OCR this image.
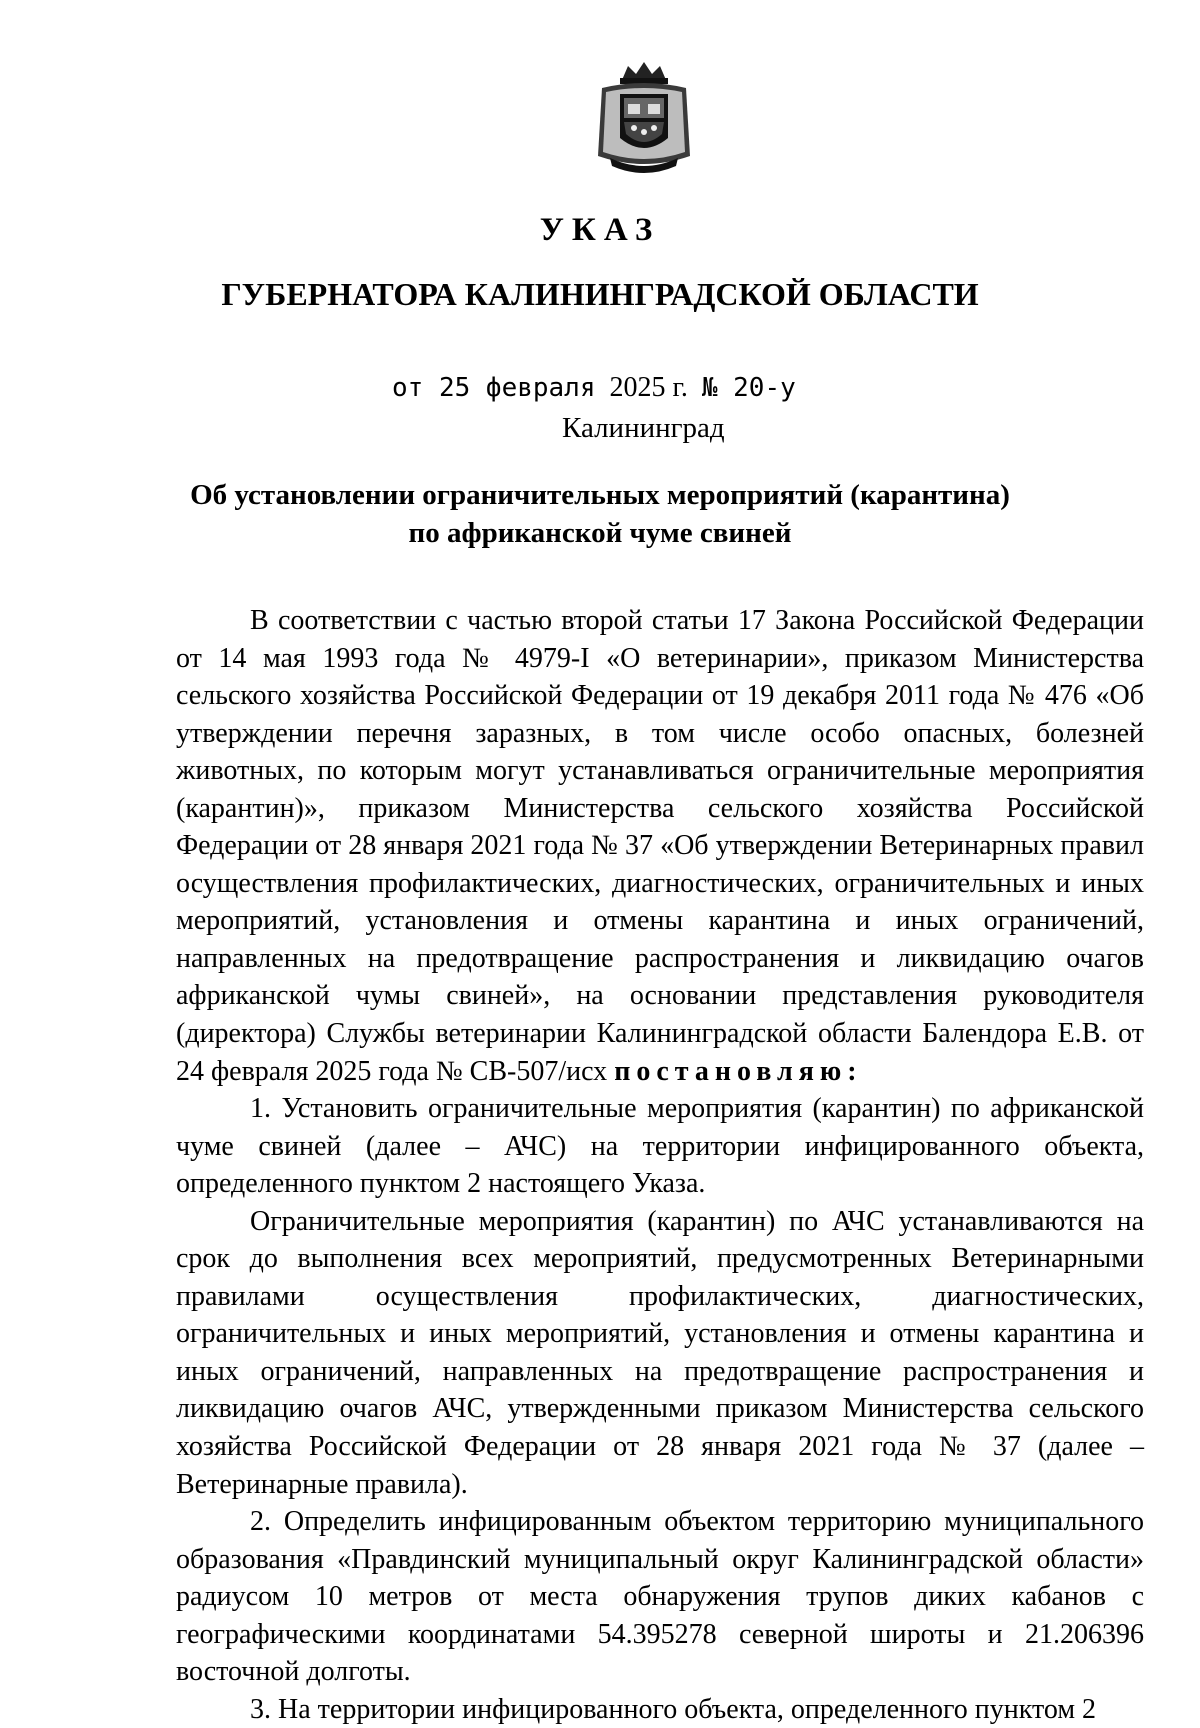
УКАЗ
ГУБЕРНАТОРА КАЛИНИНГРАДСКОЙ ОБЛАСТИ
от 25 февраля 2025 г. № 20-у
Калининград
Об установлении ограничительных мероприятий (карантина)
по африканской чуме свиней

В соответствии с частью второй статьи 17 Закона Российской Федерации от 14 мая 1993 года № 4979-I «О ветеринарии», приказом Министерства сельского хозяйства Российской Федерации от 19 декабря 2011 года № 476 «Об утверждении перечня заразных, в том числе особо опасных, болезней животных, по которым могут устанавливаться ограничительные мероприятия (карантин)», приказом Министерства сельского хозяйства Российской Федерации от 28 января 2021 года № 37 «Об утверждении Ветеринарных правил осуществления профилактических, диагностических, ограничительных и иных мероприятий, установления и отмены карантина и иных ограничений, направленных на предотвращение распространения и ликвидацию очагов африканской чумы свиней», на основании представления руководителя (директора) Службы ветеринарии Калининградской области Балендора Е.В. от 24 февраля 2025 года № СВ-507/исх постановляю:

1. Установить ограничительные мероприятия (карантин) по африканской чуме свиней (далее – АЧС) на территории инфицированного объекта, определенного пунктом 2 настоящего Указа.

Ограничительные мероприятия (карантин) по АЧС устанавливаются на срок до выполнения всех мероприятий, предусмотренных Ветеринарными правилами осуществления профилактических, диагностических, ограничительных и иных мероприятий, установления и отмены карантина и иных ограничений, направленных на предотвращение распространения и ликвидацию очагов АЧС, утвержденными приказом Министерства сельского хозяйства Российской Федерации от 28 января 2021 года № 37 (далее – Ветеринарные правила).

2. Определить инфицированным объектом территорию муниципального образования «Правдинский муниципальный округ Калининградской области» радиусом 10 метров от места обнаружения трупов диких кабанов с географическими координатами 54.395278 северной широты и 21.206396 восточной долготы.

3. На территории инфицированного объекта, определенного пунктом 2
